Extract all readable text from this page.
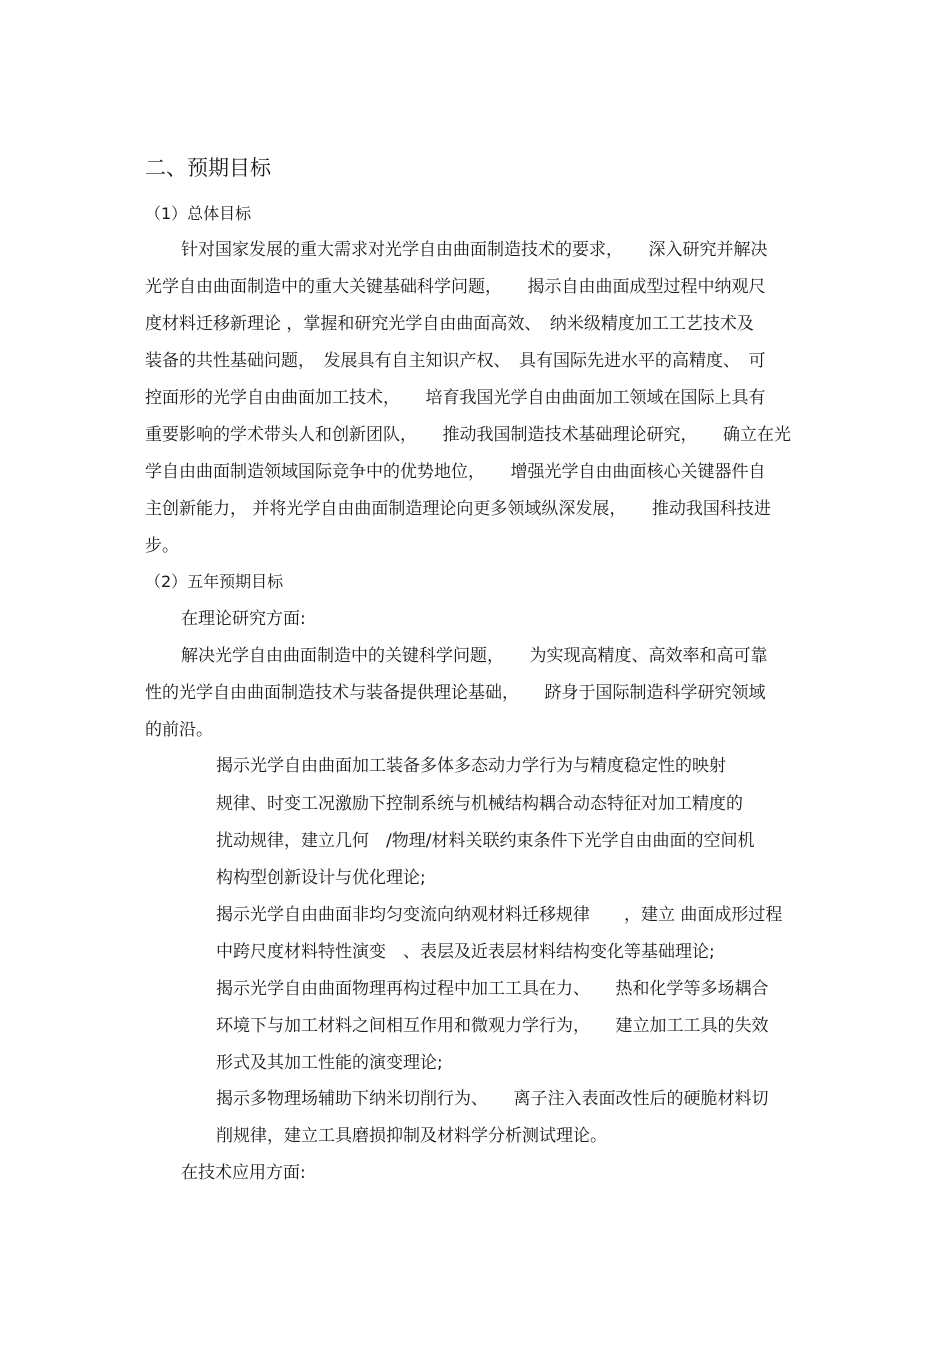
二、预期目标
（1）总体目标
针对国家发展的重大需求对光学自由曲面制造技术的要求，　　深入研究并解决
光学自由曲面制造中的重大关键基础科学问题，　　揭示自由曲面成型过程中纳观尺
度材料迁移新理论 ，掌握和研究光学自由曲面高效、　纳米级精度加工工艺技术及
装备的共性基础问题，　发展具有自主知识产权、　具有国际先进水平的高精度、　可
控面形的光学自由曲面加工技术，　　培育我国光学自由曲面加工领域在国际上具有
重要影响的学术带头人和创新团队，　　推动我国制造技术基础理论研究，　　确立在光
学自由曲面制造领域国际竞争中的优势地位，　　增强光学自由曲面核心关键器件自
主创新能力， 并将光学自由曲面制造理论向更多领域纵深发展，　　推动我国科技进
步。
（2）五年预期目标
在理论研究方面:
解决光学自由曲面制造中的关键科学问题，　　为实现高精度、高效率和高可靠
性的光学自由曲面制造技术与装备提供理论基础，　　跻身于国际制造科学研究领域
的前沿。
揭示光学自由曲面加工装备多体多态动力学行为与精度稳定性的映射
规律、时变工况激励下控制系统与机械结构耦合动态特征对加工精度的
扰动规律，建立几何　/物理/材料关联约束条件下光学自由曲面的空间机
构构型创新设计与优化理论;
揭示光学自由曲面非均匀变流向纳观材料迁移规律　　，建立 曲面成形过程
中跨尺度材料特性演变　、表层及近表层材料结构变化等基础理论;
揭示光学自由曲面物理再构过程中加工工具在力、　　热和化学等多场耦合
环境下与加工材料之间相互作用和微观力学行为，　　建立加工工具的失效
形式及其加工性能的演变理论;
揭示多物理场辅助下纳米切削行为、　　离子注入表面改性后的硬脆材料切
削规律，建立工具磨损抑制及材料学分析测试理论。
在技术应用方面:
